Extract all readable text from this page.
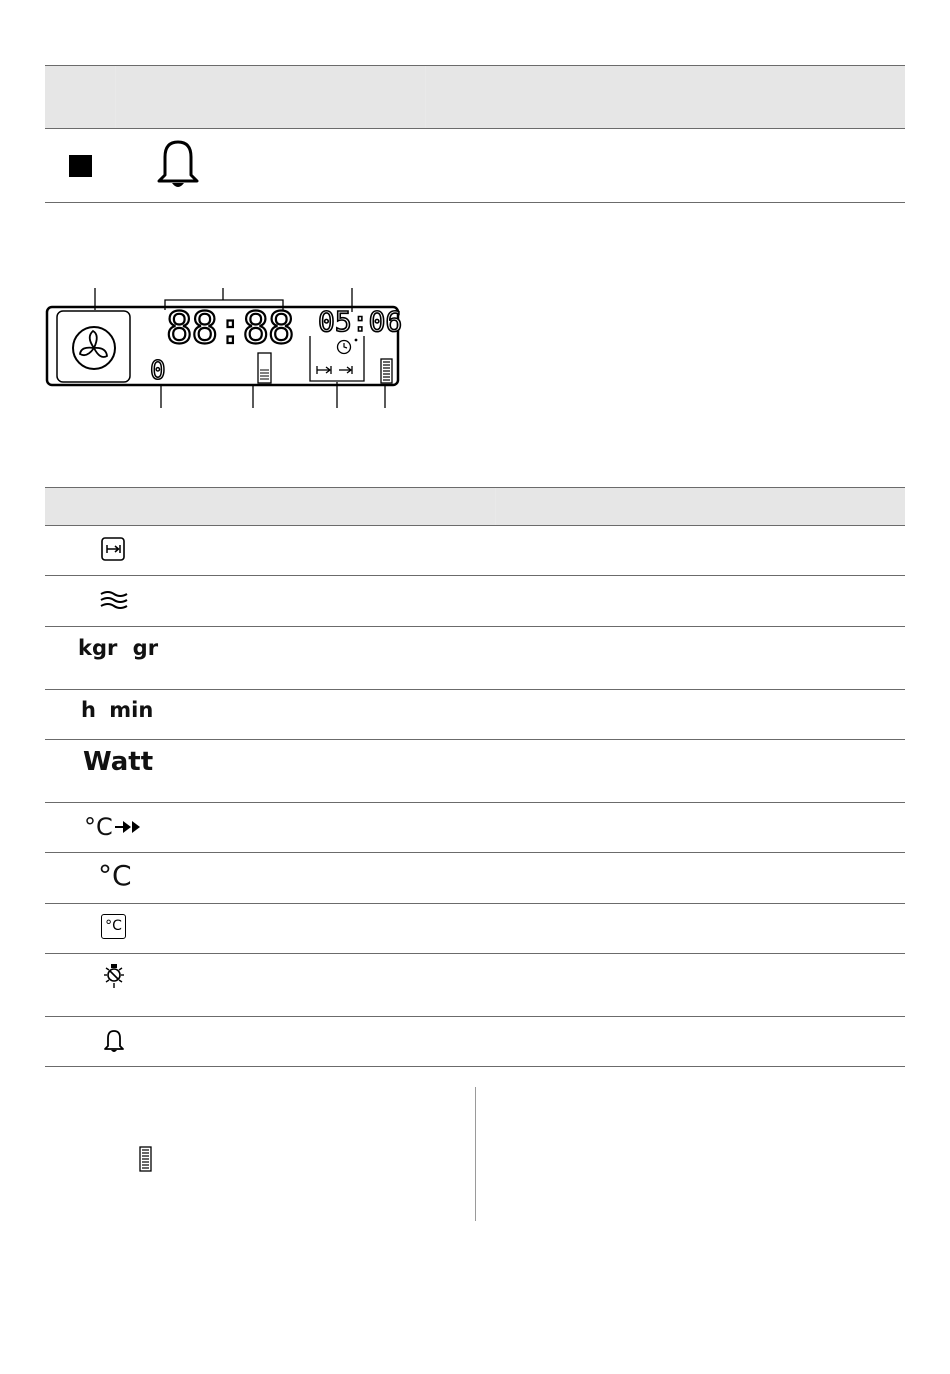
88:88 05:06
0
kgr gr
h min
Watt
°C
°C
°C
